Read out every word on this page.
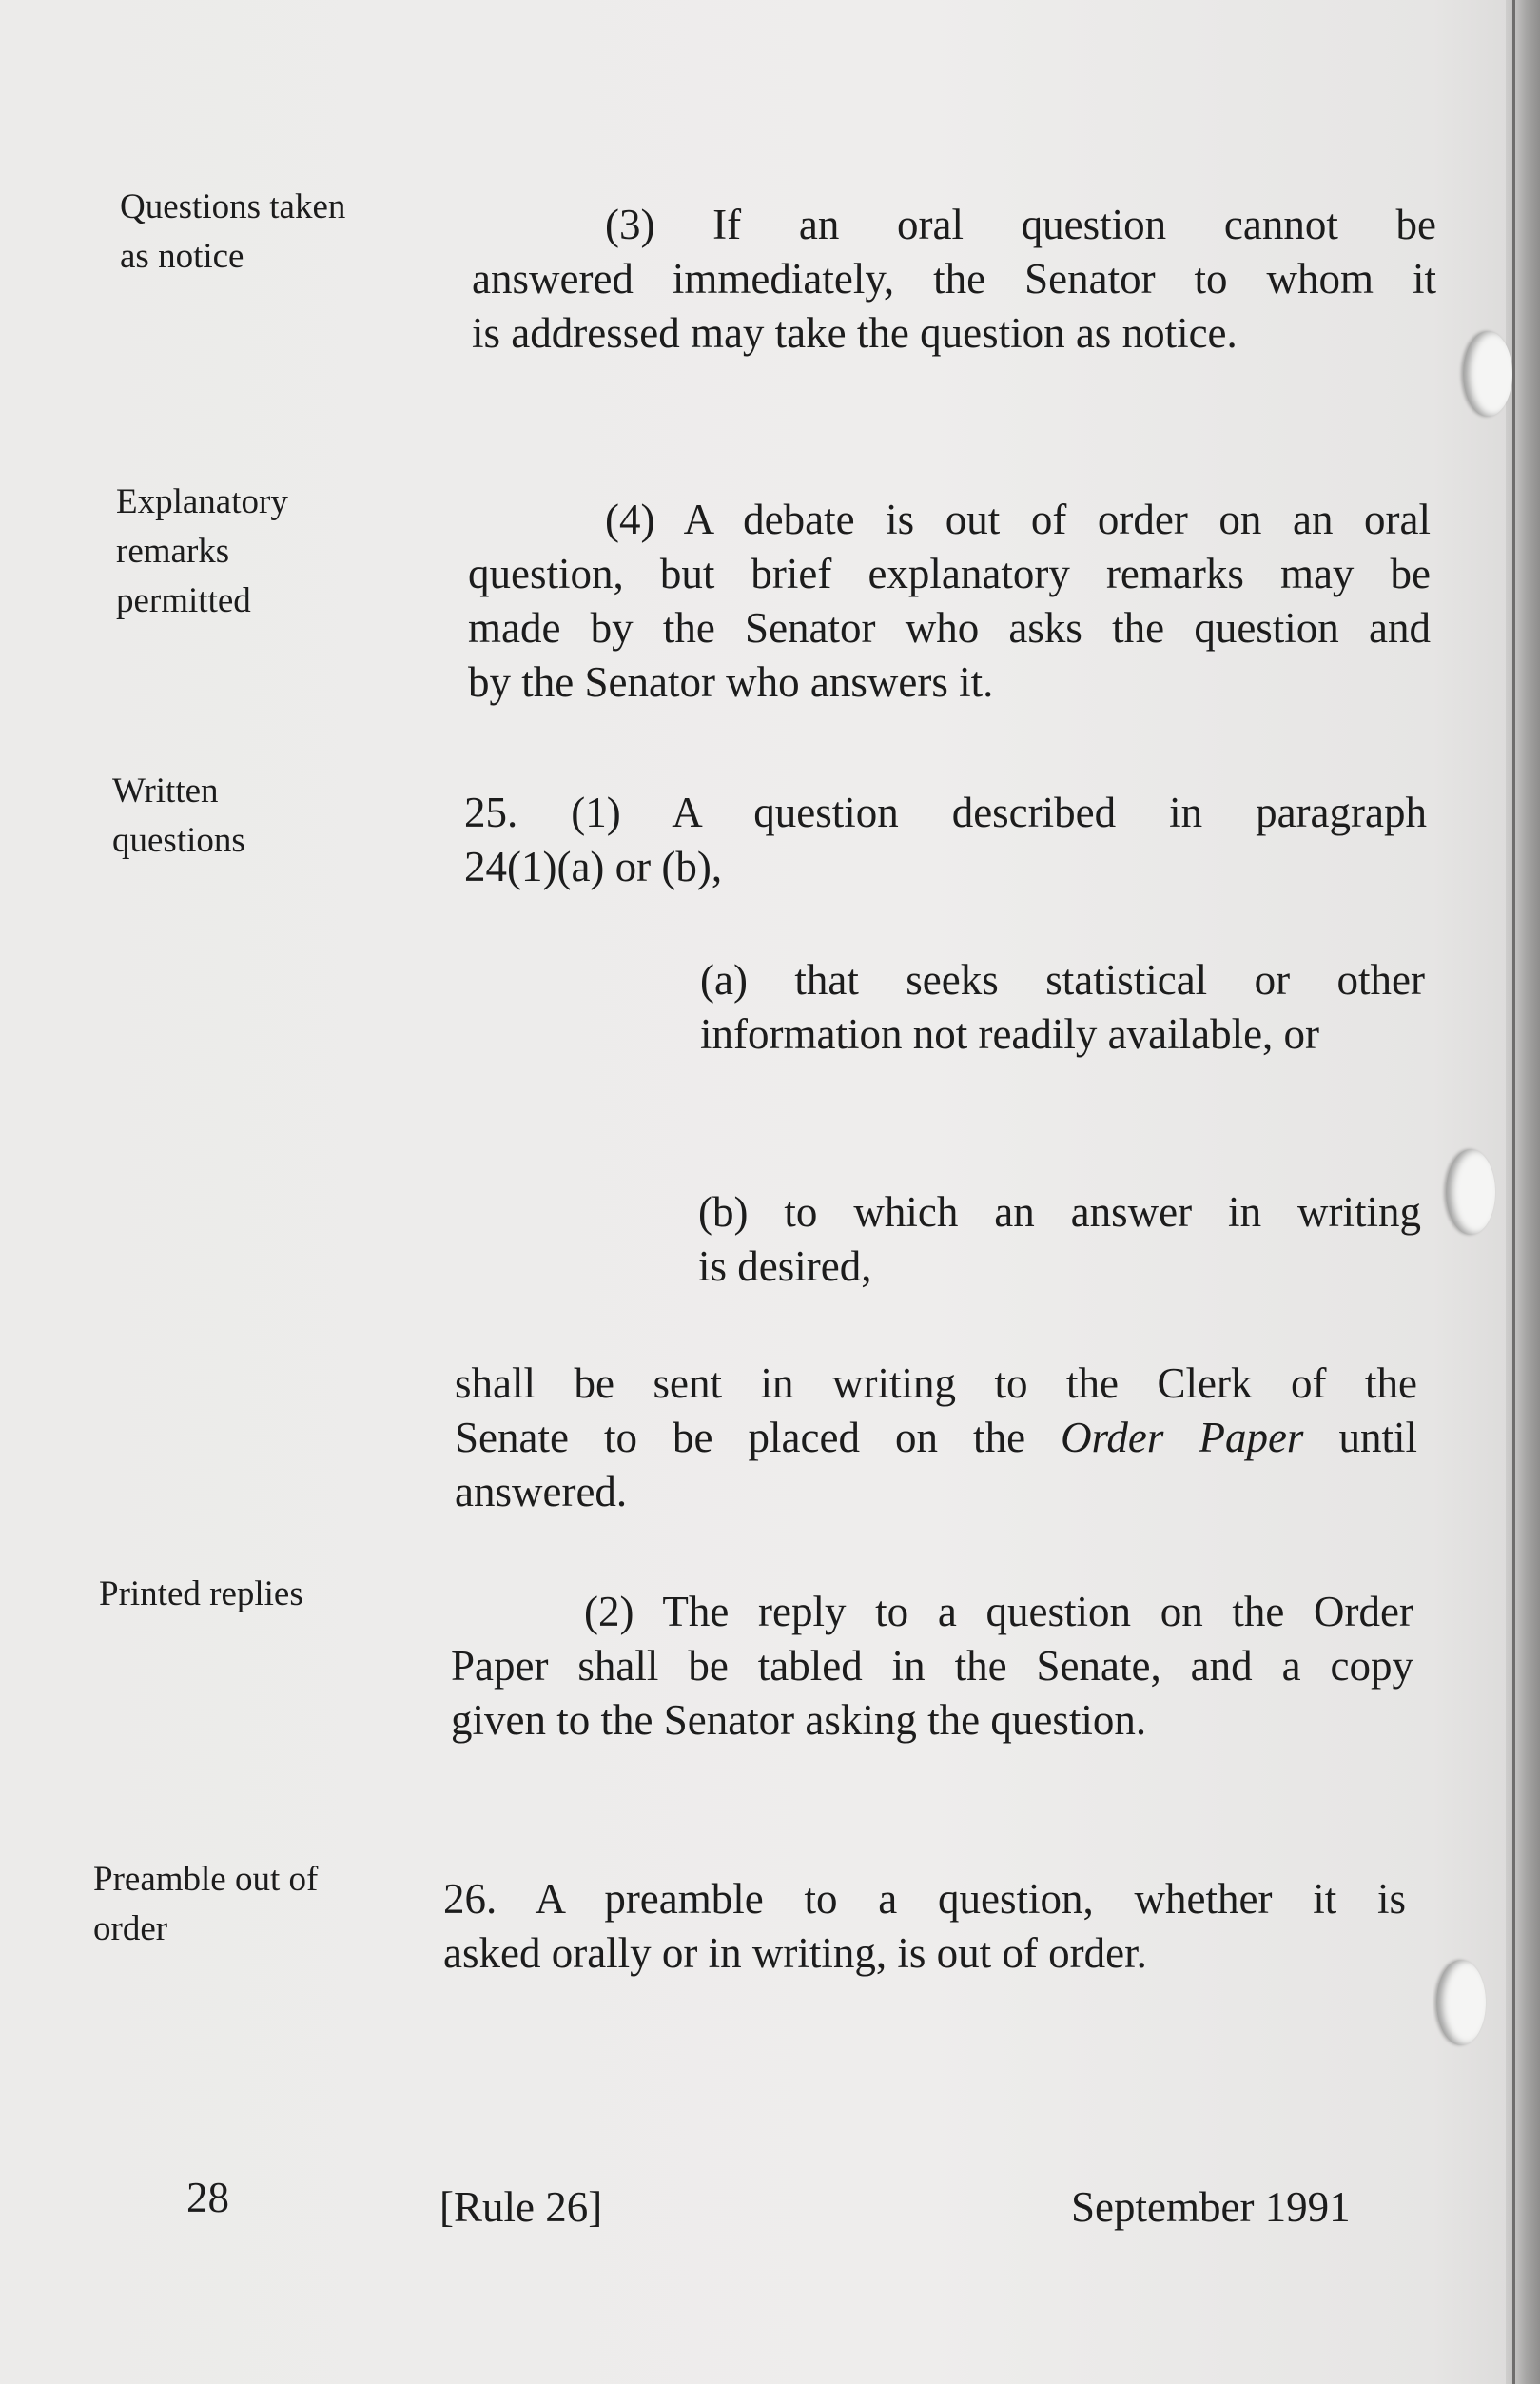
Questions taken
as notice
Explanatory
remarks
permitted
Written
questions
Printed replies
Preamble out of
order
(3) If an oral question cannot be
answered immediately, the Senator to whom it
is addressed may take the question as notice.
(4) A debate is out of order on an oral
question, but brief explanatory remarks may be
made by the Senator who asks the question and
by the Senator who answers it.
25. (1) A question described in paragraph
24(1)(a) or (b),
(a) that seeks statistical or other
information not readily available, or
(b) to which an answer in writing
is desired,
shall be sent in writing to the Clerk of the
Senate to be placed on the Order Paper until
answered.
(2) The reply to a question on the Order
Paper shall be tabled in the Senate, and a copy
given to the Senator asking the question.
26. A preamble to a question, whether it is
asked orally or in writing, is out of order.
28	[Rule 26]	September 1991
